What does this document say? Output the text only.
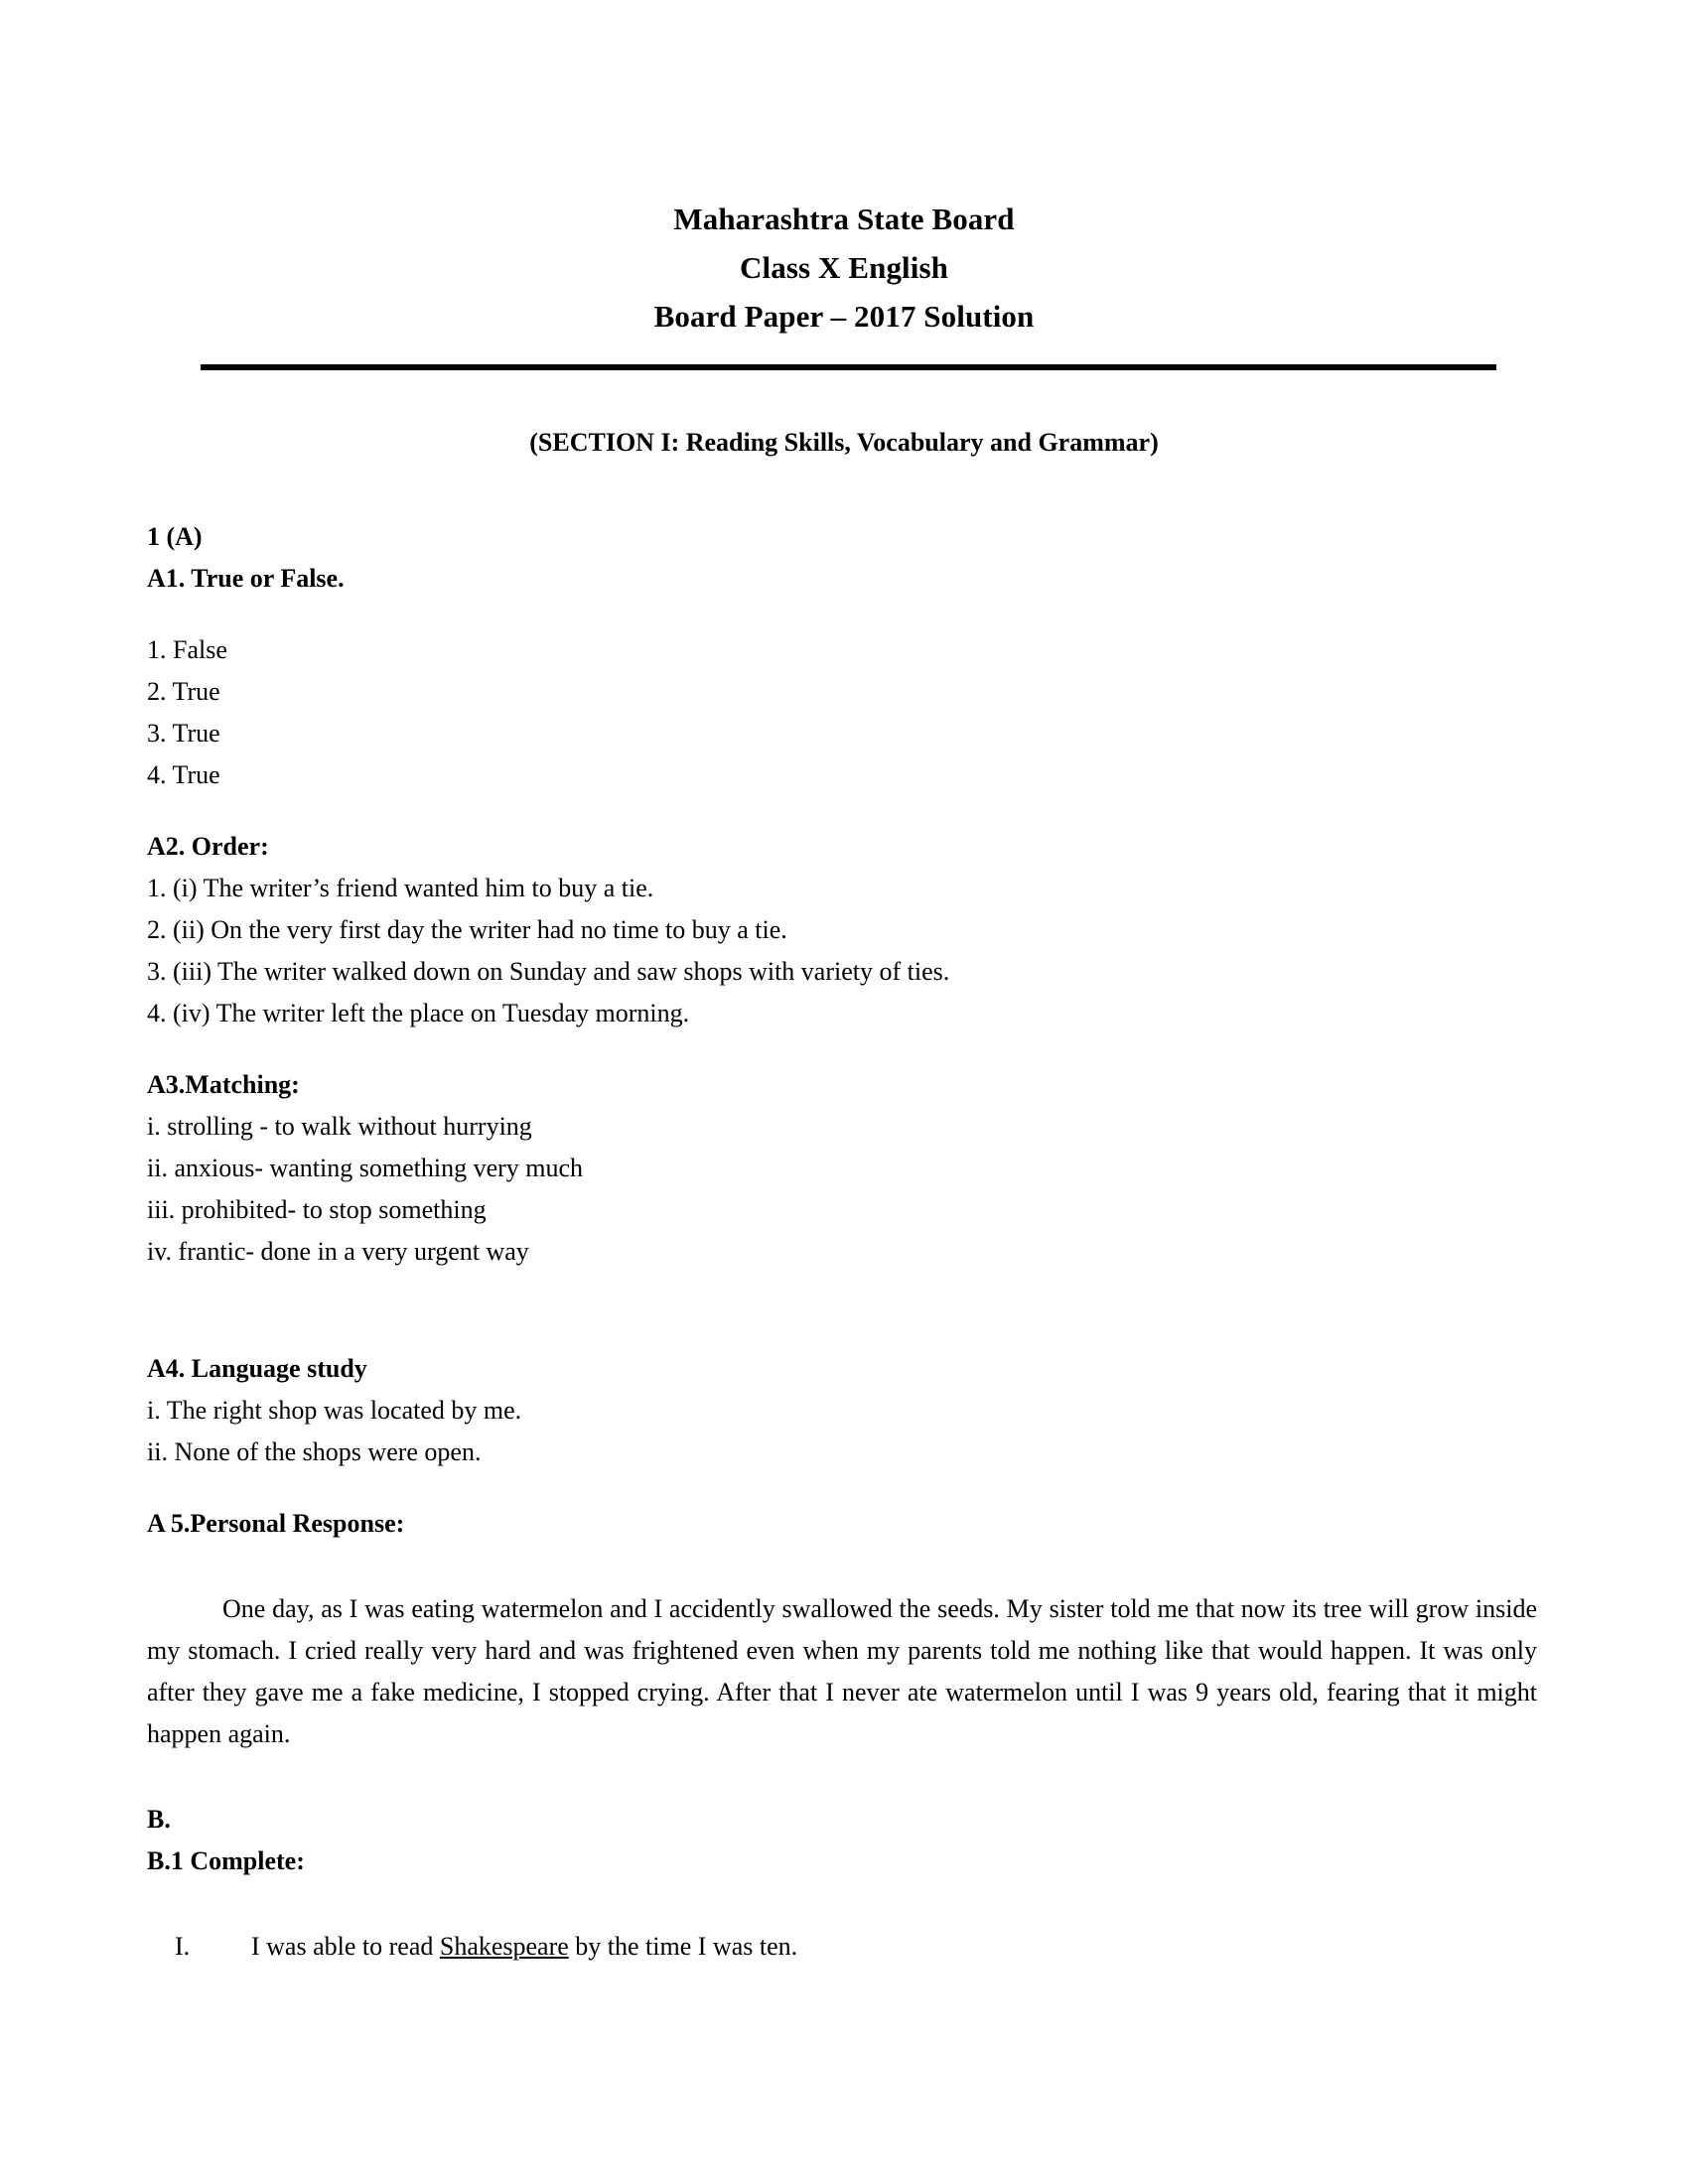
Maharashtra State Board
Class X English
Board Paper – 2017 Solution
(SECTION I: Reading Skills, Vocabulary and Grammar)
1 (A)
A1. True or False.
1. False
2. True
3. True
4. True
A2. Order:
1. (i) The writer’s friend wanted him to buy a tie.
2. (ii) On the very first day the writer had no time to buy a tie.
3. (iii) The writer walked down on Sunday and saw shops with variety of ties.
4. (iv) The writer left the place on Tuesday morning.
A3.Matching:
i. strolling - to walk without hurrying
ii. anxious- wanting something very much
iii. prohibited- to stop something
iv. frantic- done in a very urgent way
A4. Language study
i. The right shop was located by me.
ii. None of the shops were open.
A 5.Personal Response:
One day, as I was eating watermelon and I accidently swallowed the seeds. My sister told me that now its tree will grow inside my stomach. I cried really very hard and was frightened even when my parents told me nothing like that would happen. It was only after they gave me a fake medicine, I stopped crying. After that I never ate watermelon until I was 9 years old, fearing that it might happen again.
B.
B.1 Complete:
I.	I was able to read Shakespeare by the time I was ten.
